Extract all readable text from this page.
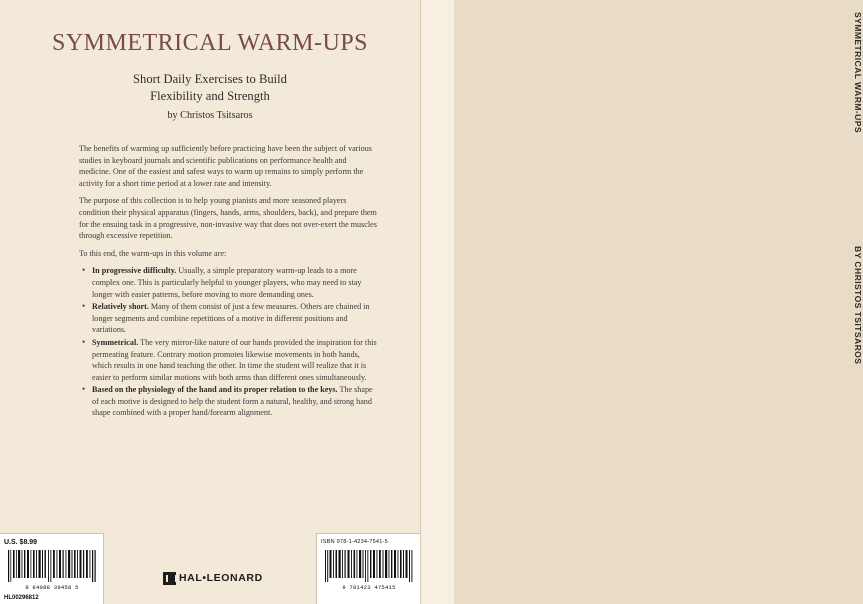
SYMMETRICAL WARM-UPS
Short Daily Exercises to Build
Flexibility and Strength
by Christos Tsitsaros

The benefits of warming up sufficiently before practicing have been the subject of various studies in keyboard journals and scientific publications on performance health and medicine. One of the easiest and safest ways to warm up remains to simply perform the activity for a short time period at a lower rate and intensity.

The purpose of this collection is to help young pianists and more seasoned players condition their physical apparatus (fingers, hands, arms, shoulders, back), and prepare them for the ensuing task in a progressive, non-invasive way that does not over-exert the muscles through excessive repetition.

To this end, the warm-ups in this volume are:

• In progressive difficulty. Usually, a simple preparatory warm-up leads to a more complex one. This is particularly helpful to younger players, who may need to stay longer with easier patterns, before moving to more demanding ones.
• Relatively short. Many of them consist of just a few measures. Others are chained in longer segments and combine repetitions of a motive in different positions and variations.
• Symmetrical. The very mirror-like nature of our hands provided the inspiration for this permeating feature. Contrary motion promotes likewise movements in both hands, which results in one hand teaching the other. In time the student will realize that it is easier to perform similar motions with both arms than different ones simultaneously.
• Based on the physiology of the hand and its proper relation to the keys. The shape of each motive is designed to help the student form a natural, healthy, and strong hand shape combined with a proper hand/forearm alignment.
U.S. $8.99
8 84088 39458 5
HL00296812
HAL•LEONARD
ISBN 978-1-4234-7541-5
9 781423 475415
SYMMETRICAL WARM-UPS
BY CHRISTOS TSITSAROS
